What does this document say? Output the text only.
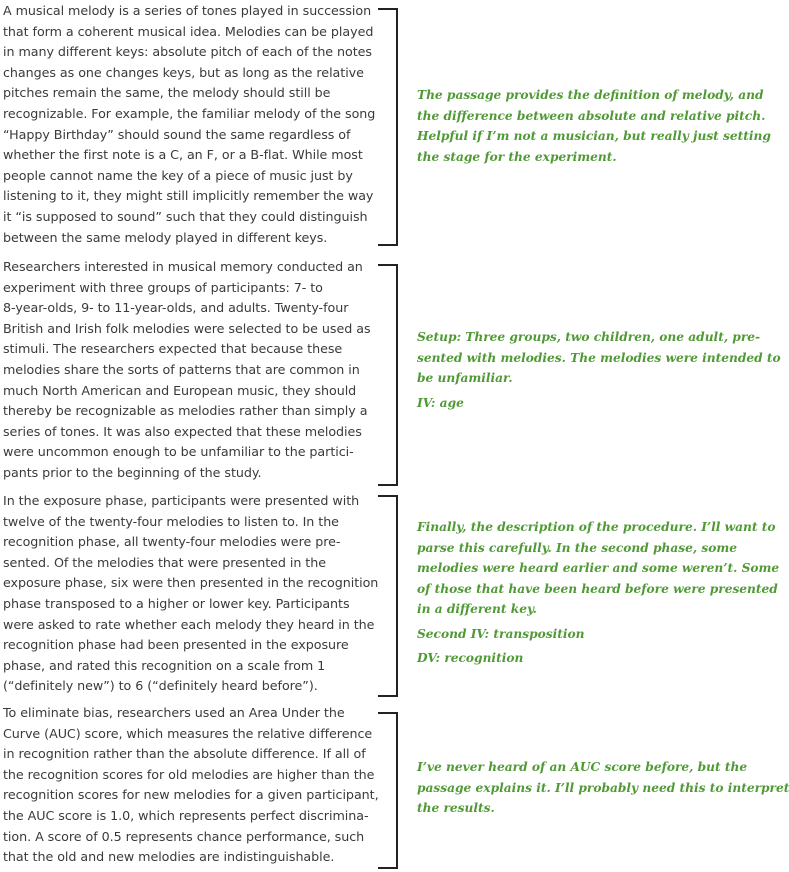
A musical melody is a series of tones played in succession
that form a coherent musical idea. Melodies can be played
in many different keys: absolute pitch of each of the notes
changes as one changes keys, but as long as the relative
pitches remain the same, the melody should still be
recognizable. For example, the familiar melody of the song
“Happy Birthday” should sound the same regardless of
whether the first note is a C, an F, or a B-flat. While most
people cannot name the key of a piece of music just by
listening to it, they might still implicitly remember the way
it “is supposed to sound” such that they could distinguish
between the same melody played in different keys.
The passage provides the definition of melody, and
the difference between absolute and relative pitch.
Helpful if I’m not a musician, but really just setting
the stage for the experiment.
Researchers interested in musical memory conducted an
experiment with three groups of participants: 7- to
8-year-olds, 9- to 11-year-olds, and adults. Twenty-four
British and Irish folk melodies were selected to be used as
stimuli. The researchers expected that because these
melodies share the sorts of patterns that are common in
much North American and European music, they should
thereby be recognizable as melodies rather than simply a
series of tones. It was also expected that these melodies
were uncommon enough to be unfamiliar to the partici-
pants prior to the beginning of the study.
Setup: Three groups, two children, one adult, pre-
sented with melodies. The melodies were intended to
be unfamiliar.
IV: age
In the exposure phase, participants were presented with
twelve of the twenty-four melodies to listen to. In the
recognition phase, all twenty-four melodies were pre-
sented. Of the melodies that were presented in the
exposure phase, six were then presented in the recognition
phase transposed to a higher or lower key. Participants
were asked to rate whether each melody they heard in the
recognition phase had been presented in the exposure
phase, and rated this recognition on a scale from 1
(“definitely new”) to 6 (“definitely heard before”).
Finally, the description of the procedure. I’ll want to
parse this carefully. In the second phase, some
melodies were heard earlier and some weren’t. Some
of those that have been heard before were presented
in a different key.
Second IV: transposition
DV: recognition
To eliminate bias, researchers used an Area Under the
Curve (AUC) score, which measures the relative difference
in recognition rather than the absolute difference. If all of
the recognition scores for old melodies are higher than the
recognition scores for new melodies for a given participant,
the AUC score is 1.0, which represents perfect discrimina-
tion. A score of 0.5 represents chance performance, such
that the old and new melodies are indistinguishable.
I’ve never heard of an AUC score before, but the
passage explains it. I’ll probably need this to interpret
the results.
